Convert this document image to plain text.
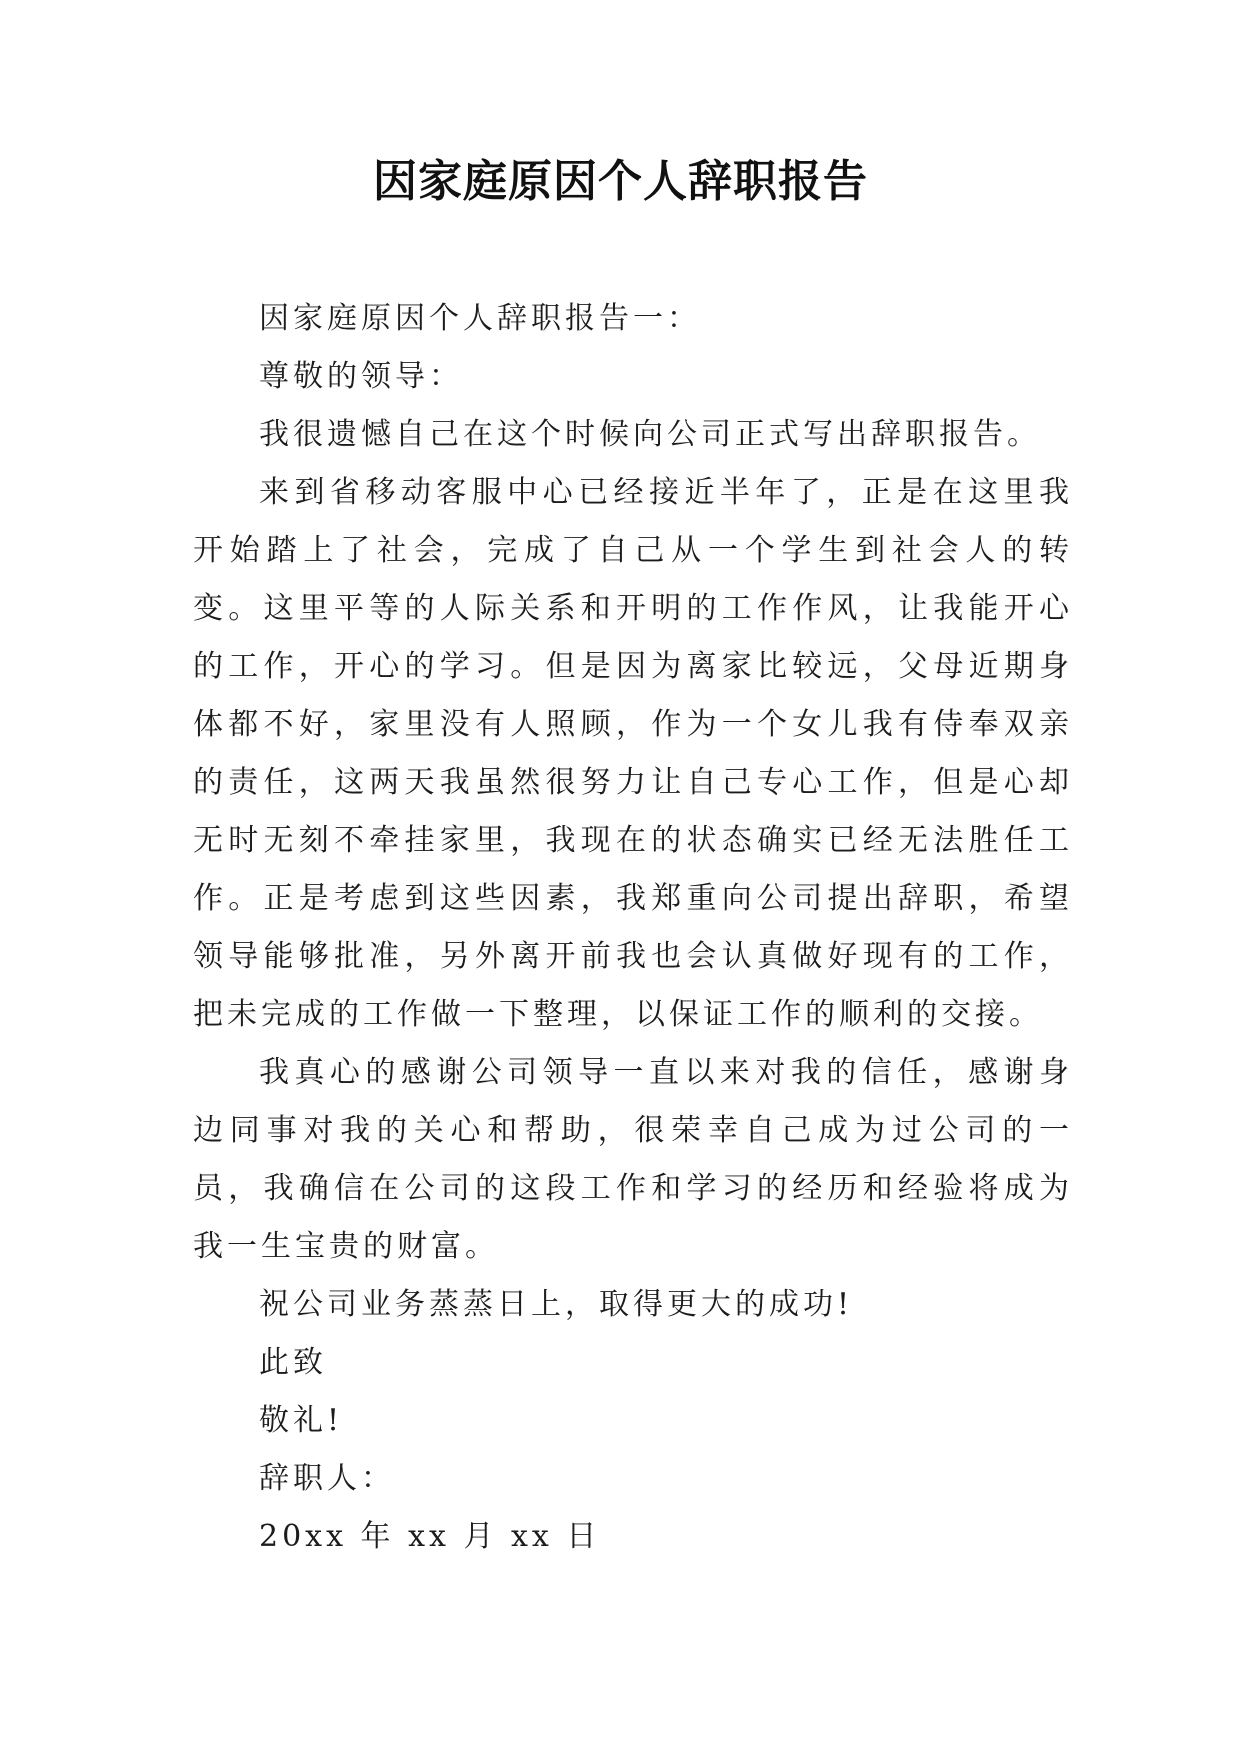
因家庭原因个人辞职报告

因家庭原因个人辞职报告一：

尊敬的领导：

我很遗憾自己在这个时候向公司正式写出辞职报告。

来到省移动客服中心已经接近半年了，正是在这里我开始踏上了社会，完成了自己从一个学生到社会人的转变。这里平等的人际关系和开明的工作作风，让我能开心的工作，开心的学习。但是因为离家比较远，父母近期身体都不好，家里没有人照顾，作为一个女儿我有侍奉双亲的责任，这两天我虽然很努力让自己专心工作，但是心却无时无刻不牵挂家里，我现在的状态确实已经无法胜任工作。正是考虑到这些因素，我郑重向公司提出辞职，希望领导能够批准，另外离开前我也会认真做好现有的工作，把未完成的工作做一下整理，以保证工作的顺利的交接。

我真心的感谢公司领导一直以来对我的信任，感谢身边同事对我的关心和帮助，很荣幸自己成为过公司的一员，我确信在公司的这段工作和学习的经历和经验将成为我一生宝贵的财富。

祝公司业务蒸蒸日上，取得更大的成功!

此致

敬礼!

辞职人：

20xx 年 xx 月 xx 日
